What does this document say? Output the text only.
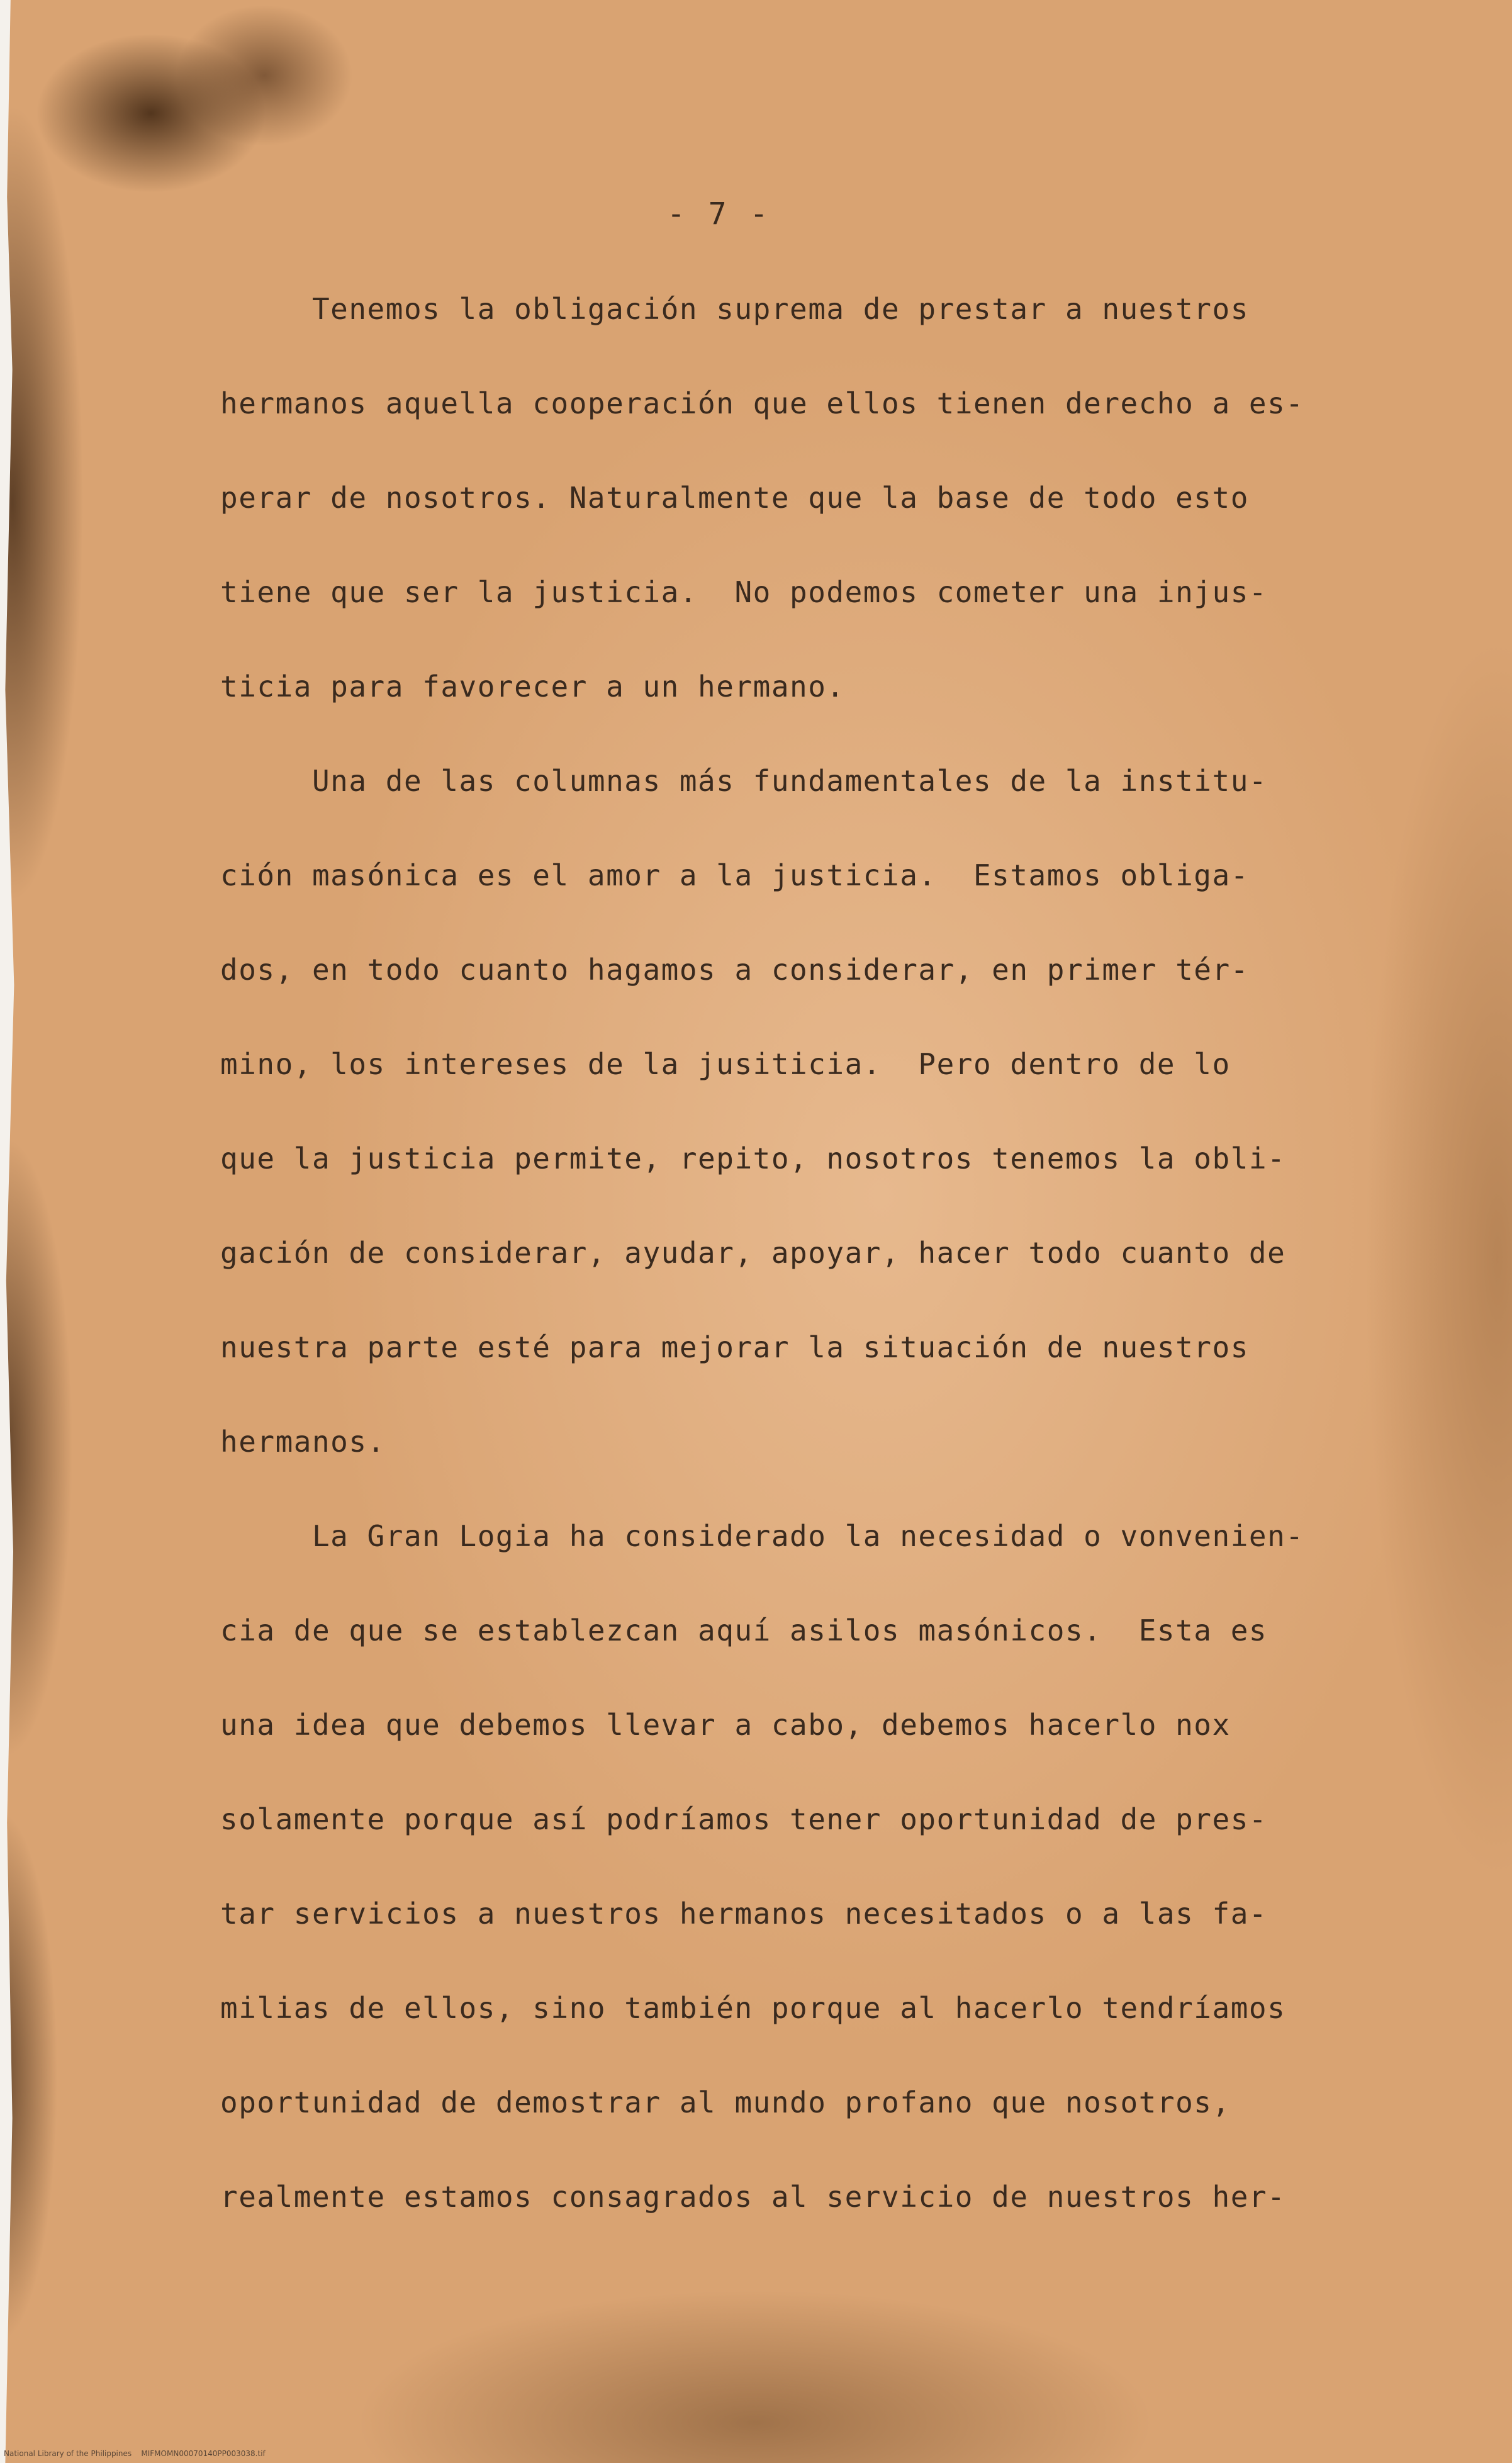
- 7 -
Tenemos la obligación suprema de prestar a nuestros
hermanos aquella cooperación que ellos tienen derecho a es-
perar de nosotros. Naturalmente que la base de todo esto
tiene que ser la justicia.  No podemos cometer una injus-
ticia para favorecer a un hermano.
Una de las columnas más fundamentales de la institu-
ción masónica es el amor a la justicia.  Estamos obliga-
dos, en todo cuanto hagamos a considerar, en primer tér-
mino, los intereses de la jusiticia.  Pero dentro de lo
que la justicia permite, repito, nosotros tenemos la obli-
gación de considerar, ayudar, apoyar, hacer todo cuanto de
nuestra parte esté para mejorar la situación de nuestros
hermanos.
La Gran Logia ha considerado la necesidad o vonvenien-
cia de que se establezcan aquí asilos masónicos.  Esta es
una idea que debemos llevar a cabo, debemos hacerlo nox
solamente porque así podríamos tener oportunidad de pres-
tar servicios a nuestros hermanos necesitados o a las fa-
milias de ellos, sino también porque al hacerlo tendríamos
oportunidad de demostrar al mundo profano que nosotros,
realmente estamos consagrados al servicio de nuestros her-
National Library of the Philippines    MIFMOMN00070140PP003038.tif
